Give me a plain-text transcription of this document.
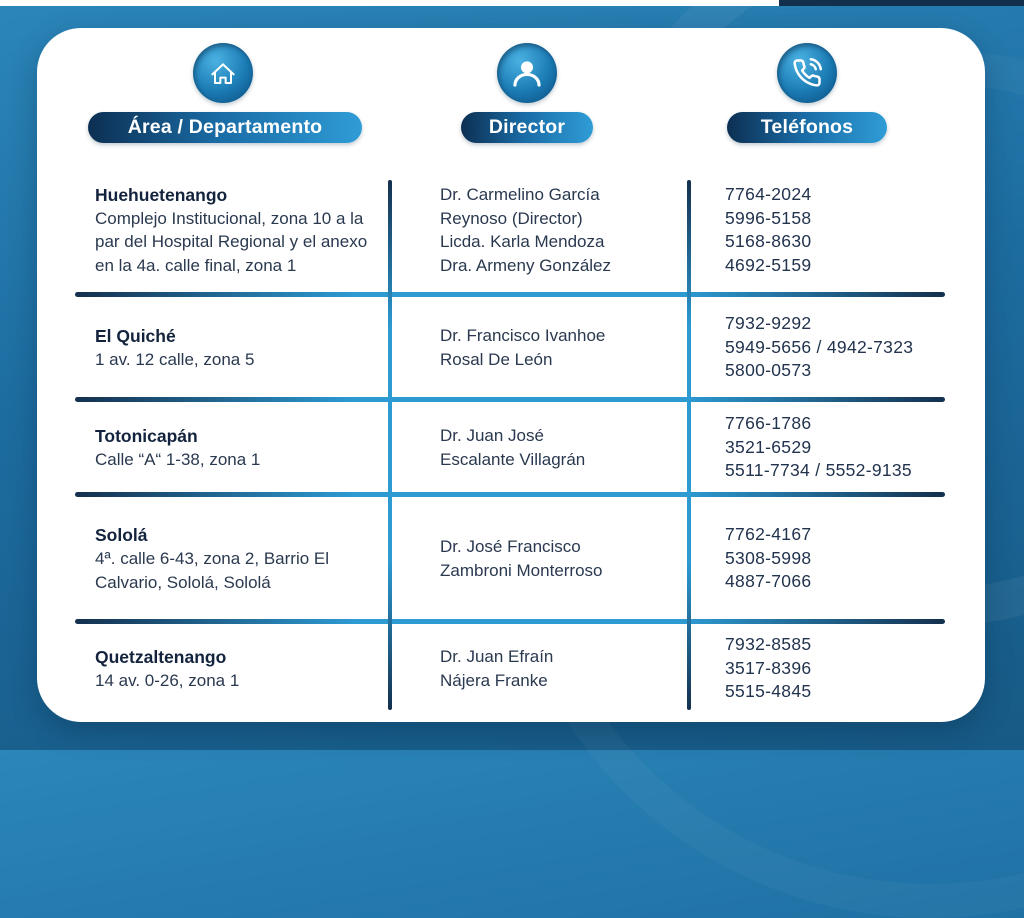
Área / Departamento	Director	Teléfonos
Huehuetenango
Complejo Institucional, zona 10 a la par del Hospital Regional y el anexo en la 4a. calle final, zona 1
Dr. Carmelino García
Reynoso (Director)
Licda. Karla Mendoza
Dra. Armeny González
7764-2024
5996-5158
5168-8630
4692-5159
El Quiché
1 av. 12 calle, zona 5
Dr. Francisco Ivanhoe
Rosal De León
7932-9292
5949-5656 / 4942-7323
5800-0573
Totonicapán
Calle “A“ 1-38, zona 1
Dr. Juan José
Escalante Villagrán
7766-1786
3521-6529
5511-7734 / 5552-9135
Sololá
4ª. calle 6-43, zona 2, Barrio El Calvario, Sololá, Sololá
Dr. José Francisco
Zambroni Monterroso
7762-4167
5308-5998
4887-7066
Quetzaltenango
14 av. 0-26, zona 1
Dr. Juan Efraín
Nájera Franke
7932-8585
3517-8396
5515-4845
